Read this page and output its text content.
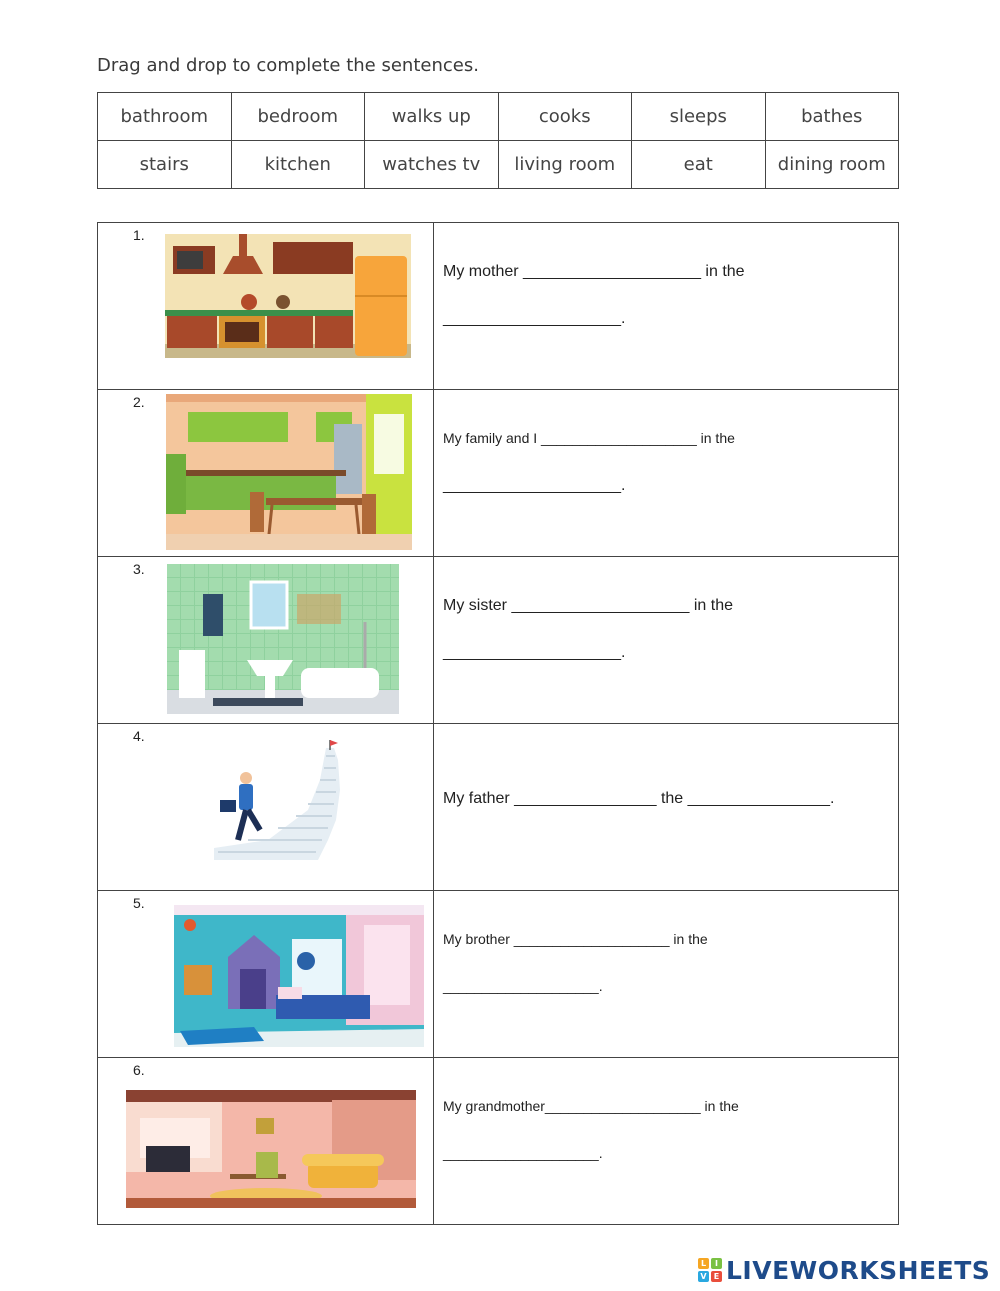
Drag and drop to complete the sentences.
bathroom	bedroom	walks up	cooks	sleeps	bathes
stairs	kitchen	watches tv	living room	eat	dining room
1.	My mother ____________________ in the
____________________.

2.	My family and I ____________________ in the
____________________.

3.	My sister ____________________ in the
____________________.

4.	My father ________________ the ________________.

5.	My brother ____________________ in the
____________________.

6.	My grandmother____________________ in the
____________________.
L	I
V E LIVEWORKSHEETS
